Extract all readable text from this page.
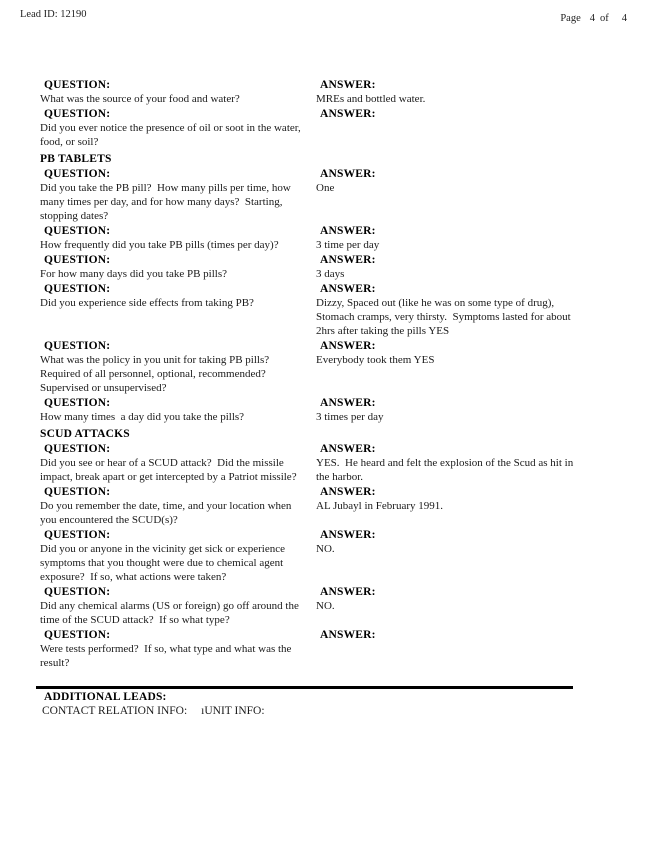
Lead ID: 12190	Page 4 of 4
QUESTION:
What was the source of your food and water?
ANSWER:
MREs and bottled water.
QUESTION:
Did you ever notice the presence of oil or soot in the water, food, or soil?
ANSWER:
PB TABLETS
QUESTION:
Did you take the PB pill?  How many pills per time, how many times per day, and for how many days?  Starting, stopping dates?
ANSWER:
One
QUESTION:
How frequently did you take PB pills (times per day)?
ANSWER:
3 time per day
QUESTION:
For how many days did you take PB pills?
ANSWER:
3 days
QUESTION:
Did you experience side effects from taking PB?
ANSWER:
Dizzy, Spaced out (like he was on some type of drug), Stomach cramps, very thirsty.  Symptoms lasted for about 2hrs after taking the pills YES
QUESTION:
What was the policy in you unit for taking PB pills? Required of all personnel, optional, recommended? Supervised or unsupervised?
ANSWER:
Everybody took them YES
QUESTION:
How many times  a day did you take the pills?
ANSWER:
3 times per day
SCUD ATTACKS
QUESTION:
Did you see or hear of a SCUD attack?  Did the missile impact, break apart or get intercepted by a Patriot missile?
ANSWER:
YES.  He heard and felt the explosion of the Scud as hit in the harbor.
QUESTION:
Do you remember the date, time, and your location when you encountered the SCUD(s)?
ANSWER:
AL Jubayl in February 1991.
QUESTION:
Did you or anyone in the vicinity get sick or experience symptoms that you thought were due to chemical agent exposure?  If so, what actions were taken?
ANSWER:
NO.
QUESTION:
Did any chemical alarms (US or foreign) go off around the time of the SCUD attack?  If so what type?
ANSWER:
NO.
QUESTION:
Were tests performed?  If so, what type and what was the result?
ANSWER:
ADDITIONAL LEADS:
CONTACT RELATION INFO: ıUNIT INFO:
